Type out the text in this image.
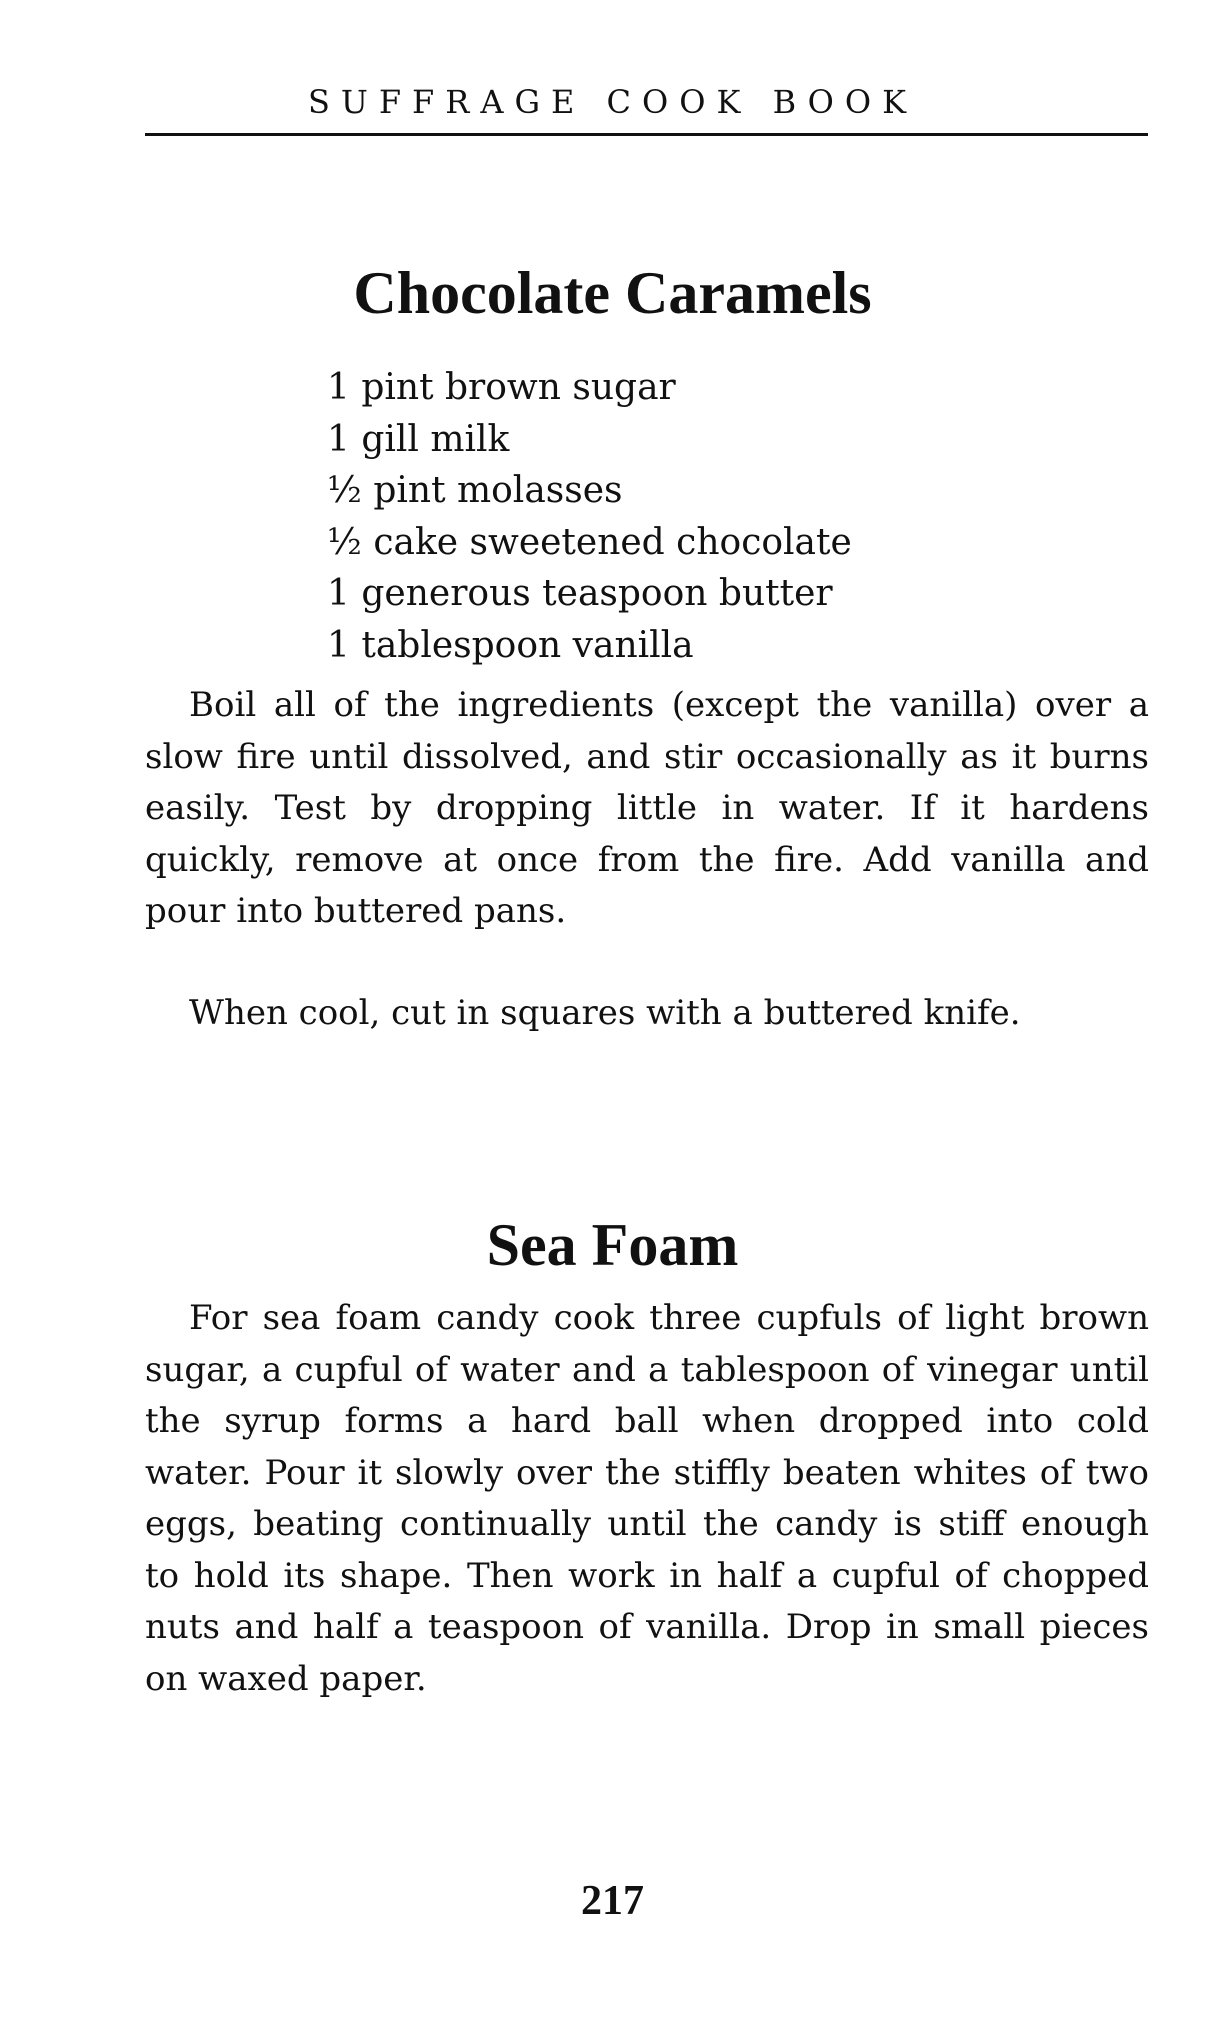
SUFFRAGE COOK BOOK
Chocolate Caramels
1 pint brown sugar
1 gill milk
½ pint molasses
½ cake sweetened chocolate
1 generous teaspoon butter
1 tablespoon vanilla

Boil all of the ingredients (except the vanilla) over a slow fire until dissolved, and stir occasionally as it burns easily. Test by dropping little in water. If it hardens quickly, remove at once from the fire. Add vanilla and pour into buttered pans.

When cool, cut in squares with a buttered knife.

Sea Foam

For sea foam candy cook three cupfuls of light brown sugar, a cupful of water and a tablespoon of vinegar until the syrup forms a hard ball when dropped into cold water. Pour it slowly over the stiffly beaten whites of two eggs, beating continually until the candy is stiff enough to hold its shape. Then work in half a cupful of chopped nuts and half a teaspoon of vanilla. Drop in small pieces on waxed paper.

217
